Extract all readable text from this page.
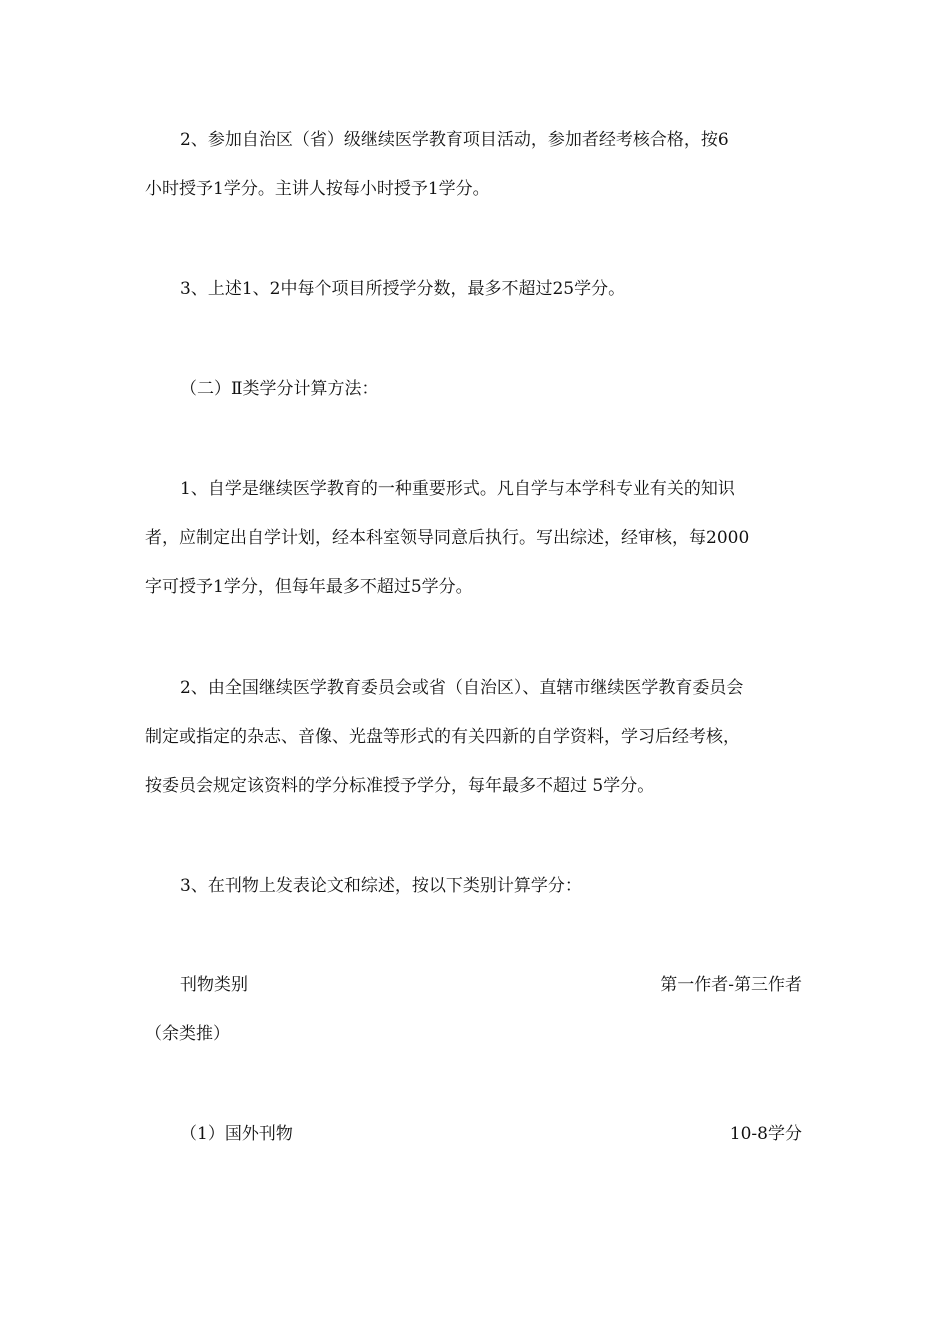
2、参加自治区（省）级继续医学教育项目活动，参加者经考核合格，按6
小时授予1学分。主讲人按每小时授予1学分。
3、上述1、2中每个项目所授学分数，最多不超过25学分。
（二）Ⅱ类学分计算方法：
1、自学是继续医学教育的一种重要形式。凡自学与本学科专业有关的知识
者，应制定出自学计划，经本科室领导同意后执行。写出综述，经审核，每2000
字可授予1学分，但每年最多不超过5学分。
2、由全国继续医学教育委员会或省（自治区）、直辖市继续医学教育委员会
制定或指定的杂志、音像、光盘等形式的有关四新的自学资料，学习后经考核，
按委员会规定该资料的学分标准授予学分，每年最多不超过 5学分。
3、在刊物上发表论文和综述，按以下类别计算学分：
刊物类别	第一作者-第三作者
（余类推）
（1）国外刊物	10-8学分
